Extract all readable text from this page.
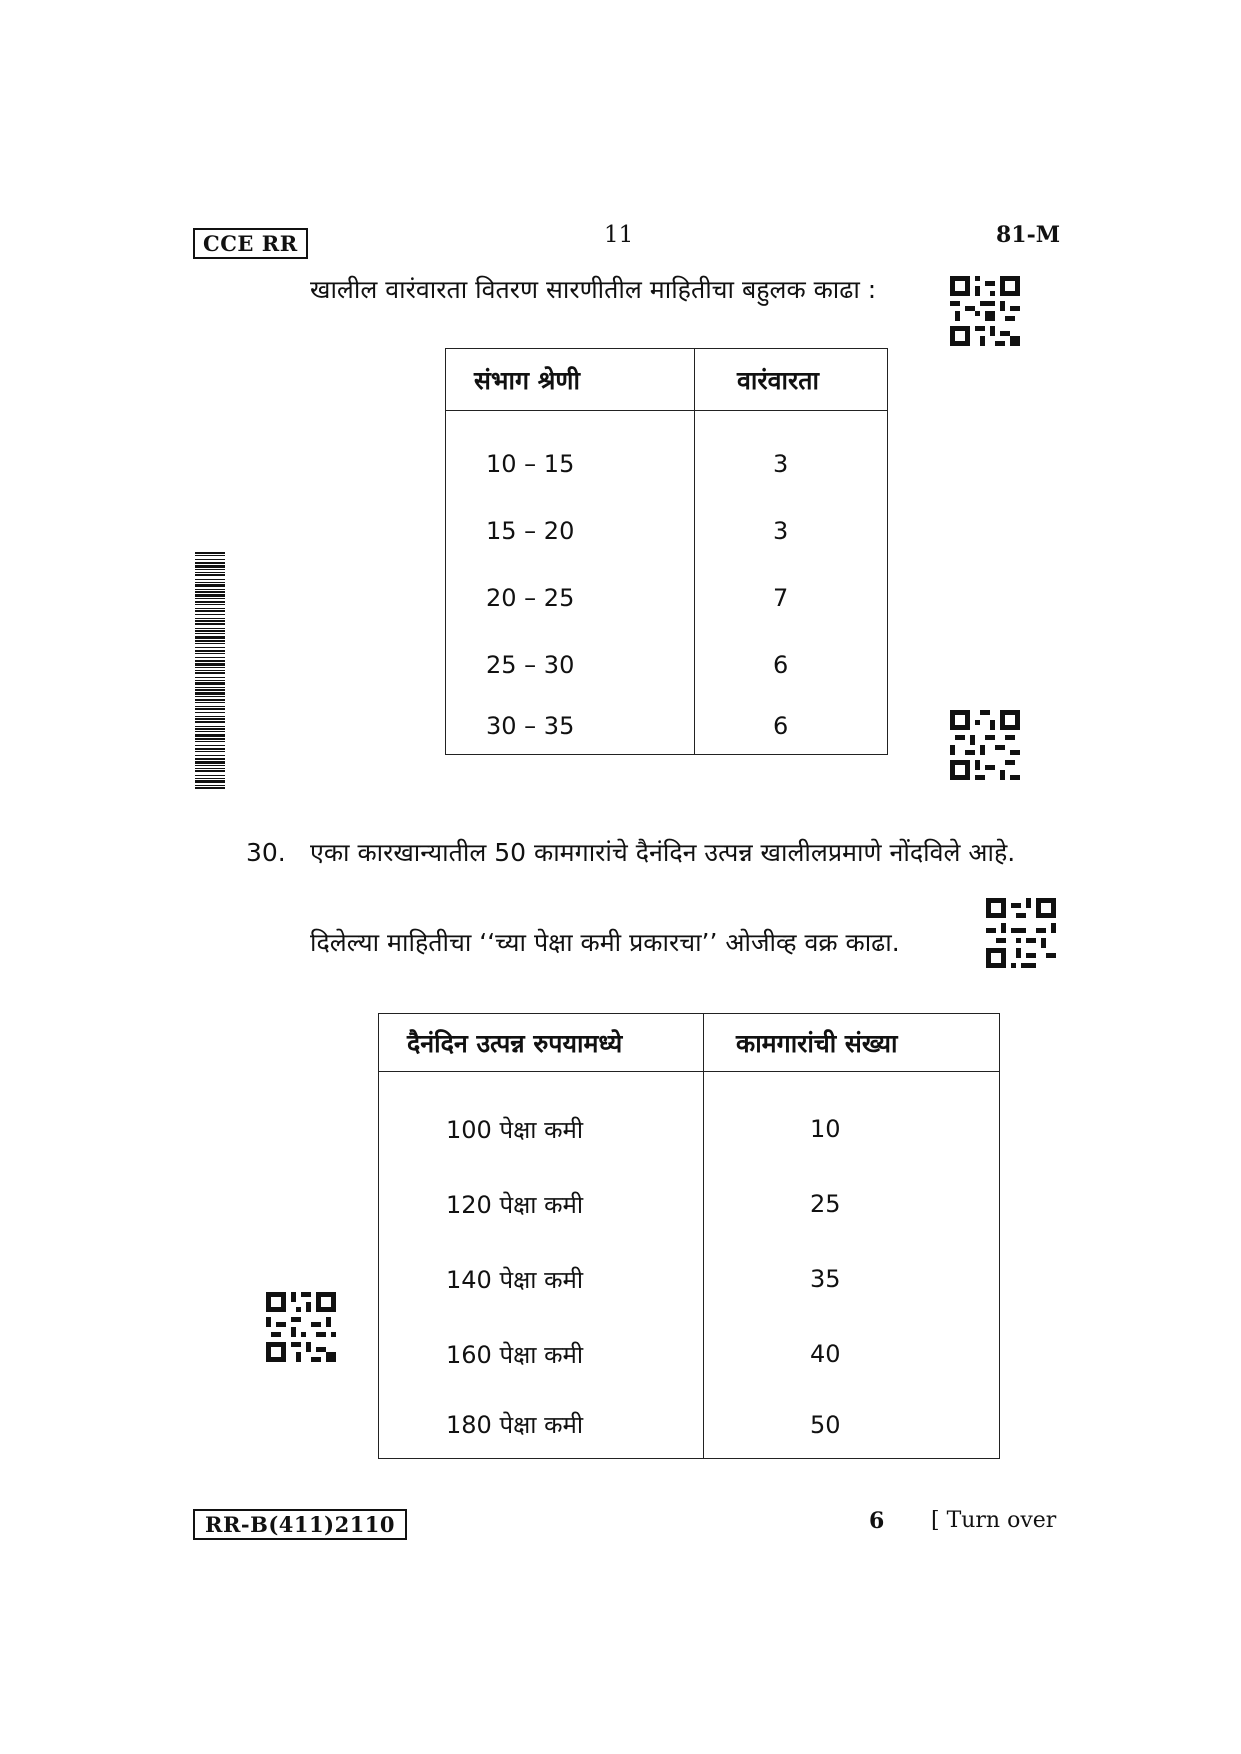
CCE RR	11	81-M
खालील वारंवारता वितरण सारणीतील माहितीचा बहुलक काढा :
संभाग श्रेणी	वारंवारता

10 – 15	3
15 – 20	3
20 – 25	7
25 – 30	6
30 – 35	6
30. एका कारखान्यातील 50 कामगारांचे दैनंदिन उत्पन्न खालीलप्रमाणे नोंदविले आहे.
दिलेल्या माहितीचा ‘‘च्या पेक्षा कमी प्रकारचा’’ ओजीव्ह वक्र काढा.
दैनंदिन उत्पन्न रुपयामध्ये	कामगारांची संख्या

100 पेक्षा कमी	10
120 पेक्षा कमी	25
140 पेक्षा कमी	35
160 पेक्षा कमी	40
180 पेक्षा कमी	50
RR-B(411)2110	6 [ Turn over
